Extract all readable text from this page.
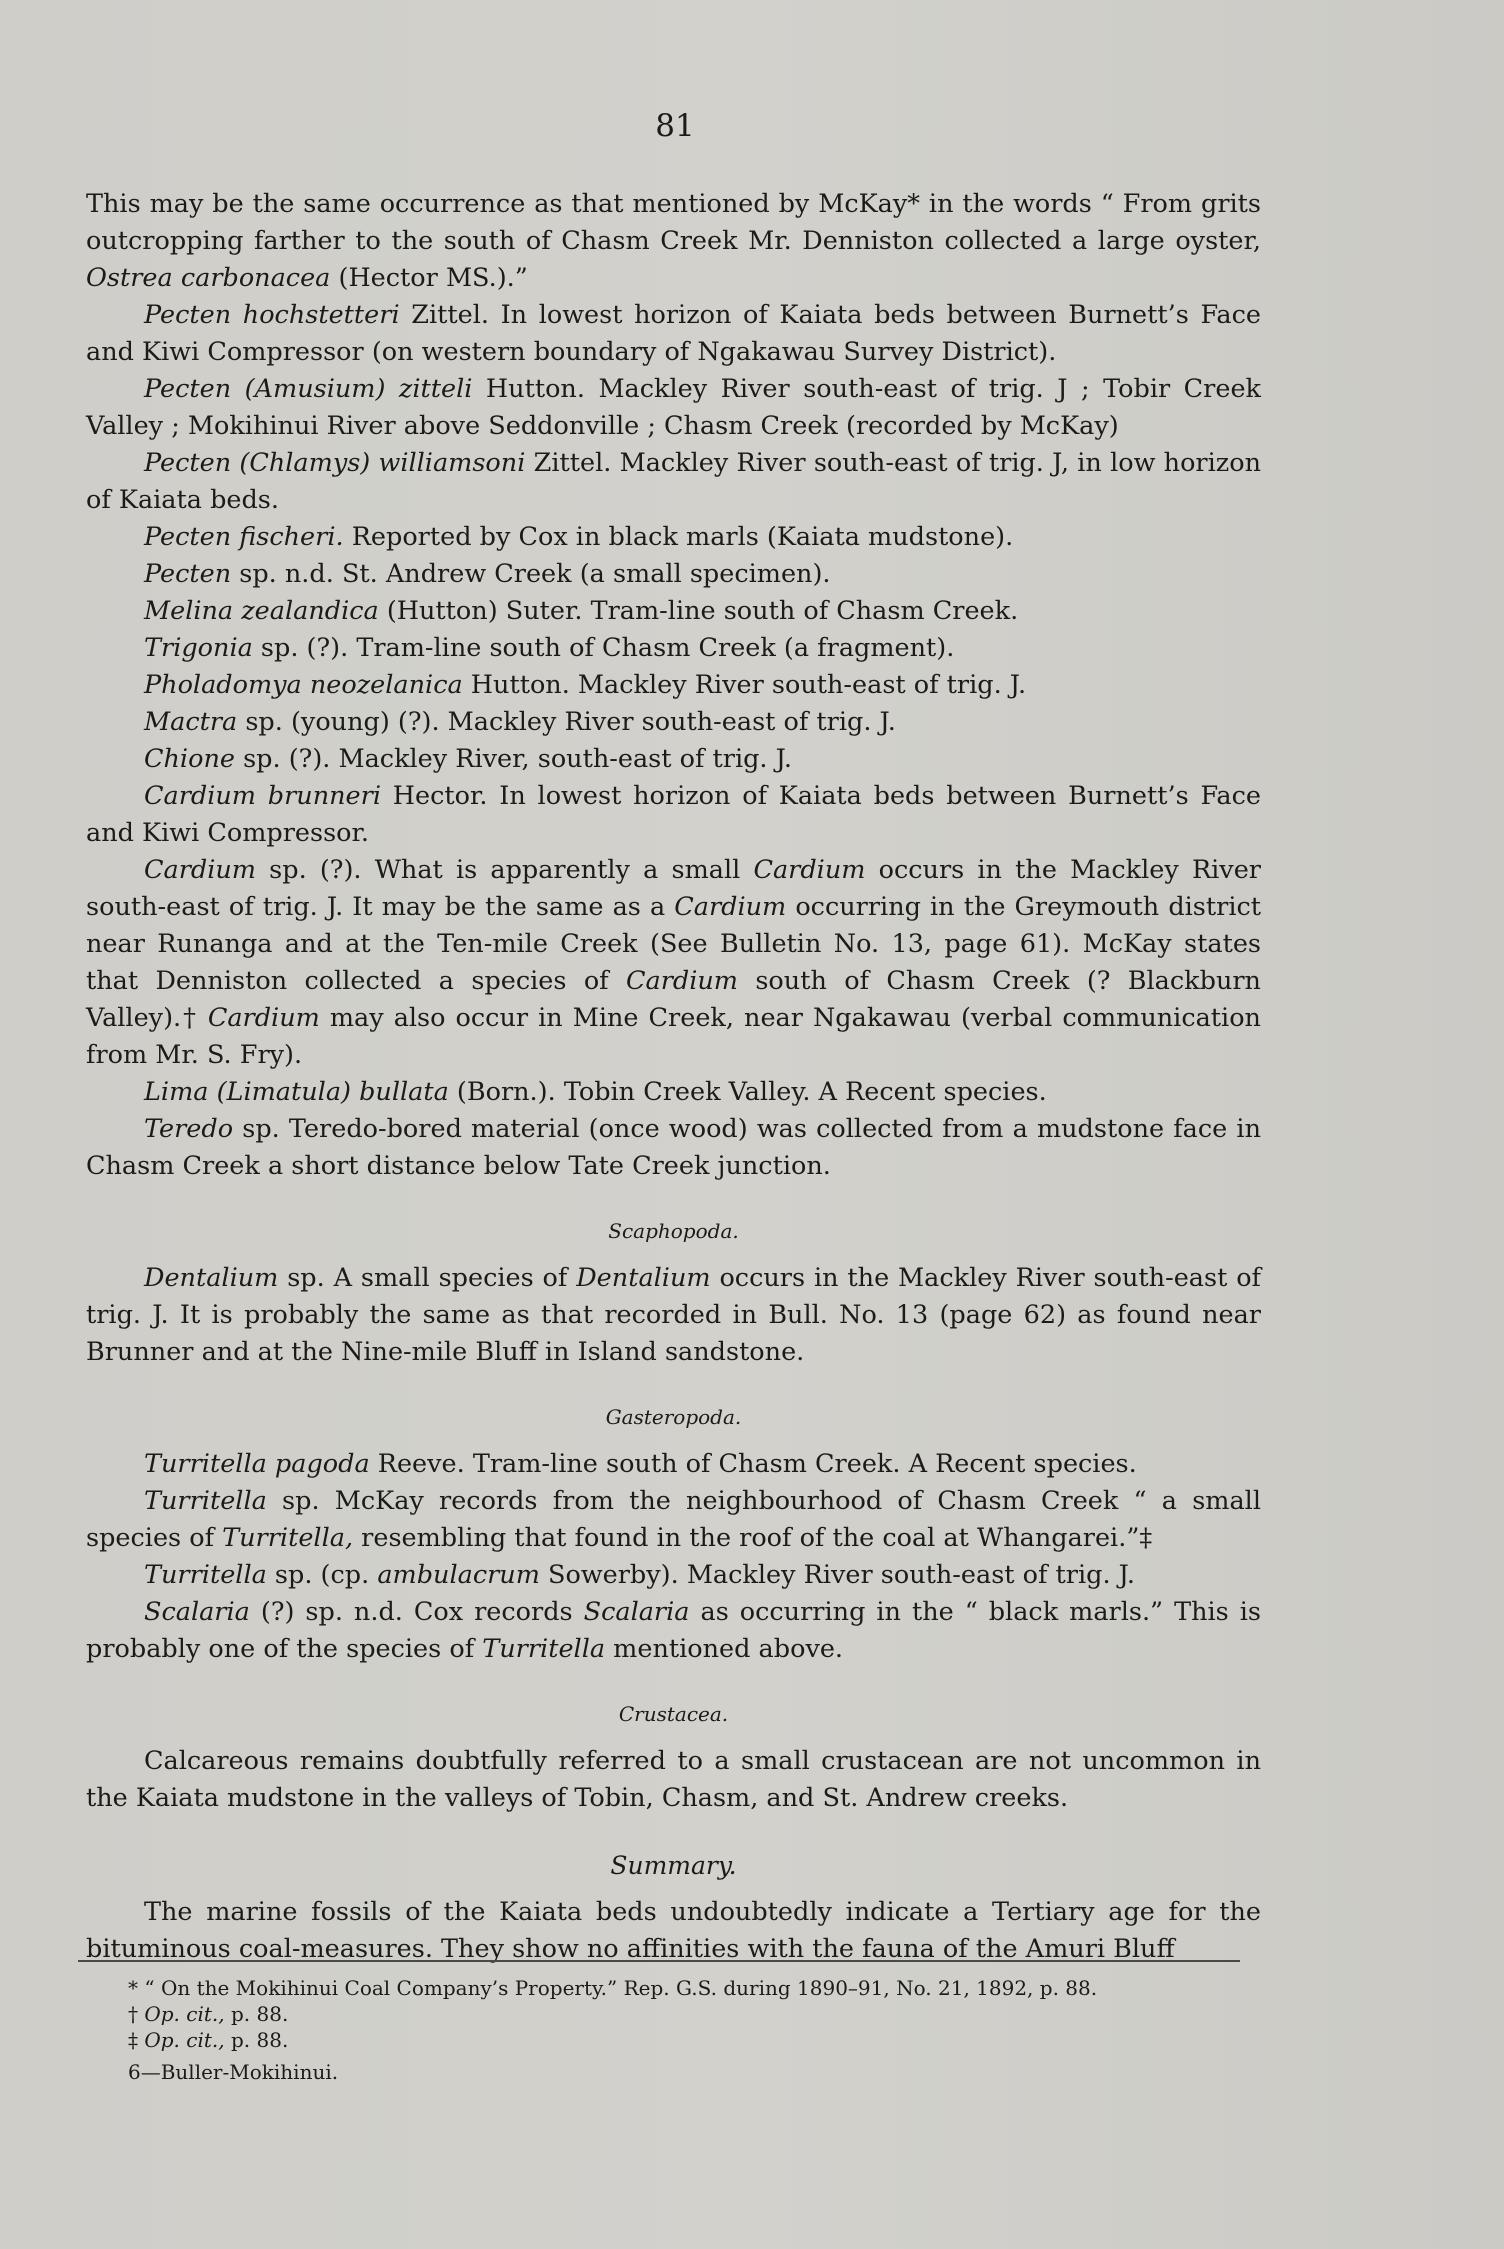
81

This may be the same occurrence as that mentioned by McKay* in the words “ From grits outcropping farther to the south of Chasm Creek Mr. Denniston collected a large oyster, Ostrea carbonacea (Hector MS.).”

Pecten hochstetteri Zittel. In lowest horizon of Kaiata beds between Burnett’s Face and Kiwi Compressor (on western boundary of Ngakawau Survey District).

Pecten (Amusium) zitteli Hutton. Mackley River south-east of trig. J ; Tobir Creek Valley ; Mokihinui River above Seddonville ; Chasm Creek (recorded by McKay)

Pecten (Chlamys) williamsoni Zittel. Mackley River south-east of trig. J, in low horizon of Kaiata beds.

Pecten fischeri. Reported by Cox in black marls (Kaiata mudstone).

Pecten sp. n.d. St. Andrew Creek (a small specimen).

Melina zealandica (Hutton) Suter. Tram-line south of Chasm Creek.

Trigonia sp. (?). Tram-line south of Chasm Creek (a fragment).

Pholadomya neozelanica Hutton. Mackley River south-east of trig. J.

Mactra sp. (young) (?). Mackley River south-east of trig. J.

Chione sp. (?). Mackley River, south-east of trig. J.

Cardium brunneri Hector. In lowest horizon of Kaiata beds between Burnett’s Face and Kiwi Compressor.

Cardium sp. (?). What is apparently a small Cardium occurs in the Mackley River south-east of trig. J. It may be the same as a Cardium occurring in the Greymouth district near Runanga and at the Ten-mile Creek (See Bulletin No. 13, page 61). McKay states that Denniston collected a species of Cardium south of Chasm Creek (? Blackburn Valley).† Cardium may also occur in Mine Creek, near Ngakawau (verbal communication from Mr. S. Fry).

Lima (Limatula) bullata (Born.). Tobin Creek Valley. A Recent species.

Teredo sp. Teredo-bored material (once wood) was collected from a mudstone face in Chasm Creek a short distance below Tate Creek junction.

Scaphopoda.

Dentalium sp. A small species of Dentalium occurs in the Mackley River south-east of trig. J. It is probably the same as that recorded in Bull. No. 13 (page 62) as found near Brunner and at the Nine-mile Bluff in Island sandstone.

Gasteropoda.

Turritella pagoda Reeve. Tram-line south of Chasm Creek. A Recent species.

Turritella sp. McKay records from the neighbourhood of Chasm Creek “ a small species of Turritella, resembling that found in the roof of the coal at Whangarei.”‡

Turritella sp. (cp. ambulacrum Sowerby). Mackley River south-east of trig. J.

Scalaria (?) sp. n.d. Cox records Scalaria as occurring in the “ black marls.” This is probably one of the species of Turritella mentioned above.

Crustacea.

Calcareous remains doubtfully referred to a small crustacean are not uncommon in the Kaiata mudstone in the valleys of Tobin, Chasm, and St. Andrew creeks.

Summary.

The marine fossils of the Kaiata beds undoubtedly indicate a Tertiary age for the bituminous coal-measures. They show no affinities with the fauna of the Amuri Bluff

* “ On the Mokihinui Coal Company’s Property.” Rep. G.S. during 1890–91, No. 21, 1892, p. 88.

† Op. cit., p. 88.

‡ Op. cit., p. 88.

6—Buller-Mokihinui.
